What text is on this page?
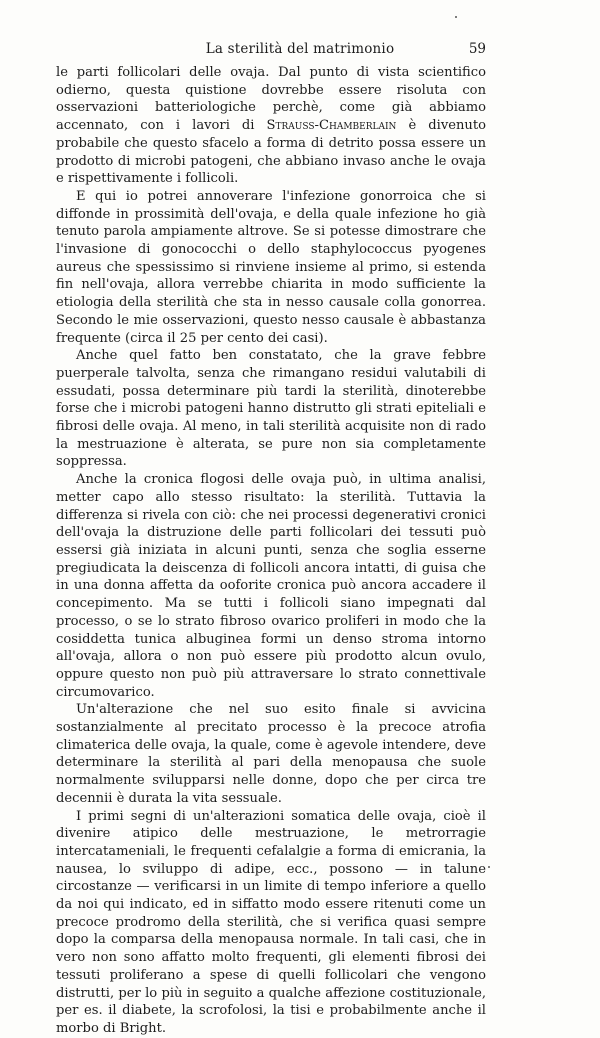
La sterilità del matrimonio	59

le parti follicolari delle ovaja. Dal punto di vista scientifico odierno, questa quistione dovrebbe essere risoluta con osservazioni batteriologiche perchè, come già abbiamo accennato, con i lavori di Strauss-Chamberlain è divenuto probabile che questo sfacelo a forma di detrito possa essere un prodotto di microbi patogeni, che abbiano invaso anche le ovaja e rispettivamente i follicoli.

E qui io potrei annoverare l'infezione gonorroica che si diffonde in prossimità dell'ovaja, e della quale infezione ho già tenuto parola ampiamente altrove. Se si potesse dimostrare che l'invasione di gonococchi o dello staphylococcus pyogenes aureus che spessissimo si rinviene insieme al primo, si estenda fin nell'ovaja, allora verrebbe chiarita in modo sufficiente la etiologia della sterilità che sta in nesso causale colla gonorrea. Secondo le mie osservazioni, questo nesso causale è abbastanza frequente (circa il 25 per cento dei casi).

Anche quel fatto ben constatato, che la grave febbre puerperale talvolta, senza che rimangano residui valutabili di essudati, possa determinare più tardi la sterilità, dinoterebbe forse che i microbi patogeni hanno distrutto gli strati epiteliali e fibrosi delle ovaja. Al meno, in tali sterilità acquisite non di rado la mestruazione è alterata, se pure non sia completamente soppressa.

Anche la cronica flogosi delle ovaja può, in ultima analisi, metter capo allo stesso risultato: la sterilità. Tuttavia la differenza si rivela con ciò: che nei processi degenerativi cronici dell'ovaja la distruzione delle parti follicolari dei tessuti può essersi già iniziata in alcuni punti, senza che soglia esserne pregiudicata la deiscenza di follicoli ancora intatti, di guisa che in una donna affetta da ooforite cronica può ancora accadere il concepimento. Ma se tutti i follicoli siano impegnati dal processo, o se lo strato fibroso ovarico proliferi in modo che la cosiddetta tunica albuginea formi un denso stroma intorno all'ovaja, allora o non può essere più prodotto alcun ovulo, oppure questo non può più attraversare lo strato connettivale circumovarico.

Un'alterazione che nel suo esito finale si avvicina sostanzialmente al precitato processo è la precoce atrofia climaterica delle ovaja, la quale, come è agevole intendere, deve determinare la sterilità al pari della menopausa che suole normalmente svilupparsi nelle donne, dopo che per circa tre decennii è durata la vita sessuale.

I primi segni di un'alterazioni somatica delle ovaja, cioè il divenire atipico delle mestruazione, le metrorragie intercatameniali, le frequenti cefalalgie a forma di emicrania, la nausea, lo sviluppo di adipe, ecc., possono — in talune circostanze — verificarsi in un limite di tempo inferiore a quello da noi qui indicato, ed in siffatto modo essere ritenuti come un precoce prodromo della sterilità, che si verifica quasi sempre dopo la comparsa della menopausa normale. In tali casi, che in vero non sono affatto molto frequenti, gli elementi fibrosi dei tessuti proliferano a spese di quelli follicolari che vengono distrutti, per lo più in seguito a qualche affezione costituzionale, per es. il diabete, la scrofolosi, la tisi e probabilmente anche il morbo di Bright.
